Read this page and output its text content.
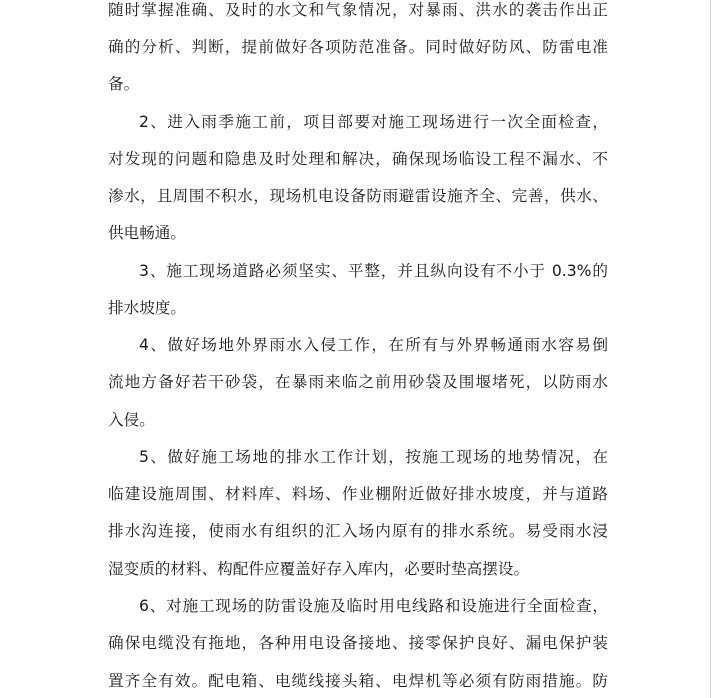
随时掌握准确、及时的水文和气象情况，对暴雨、洪水的袭击作出正
确的分析、判断，提前做好各项防范准备。同时做好防风、防雷电准
备。
2、进入雨季施工前，项目部要对施工现场进行一次全面检查，
对发现的问题和隐患及时处理和解决，确保现场临设工程不漏水、不
渗水，且周围不积水，现场机电设备防雨避雷设施齐全、完善，供水、
供电畅通。
3、施工现场道路必须坚实、平整，并且纵向设有不小于 0.3%的
排水坡度。
4、做好场地外界雨水入侵工作，在所有与外界畅通雨水容易倒
流地方备好若干砂袋，在暴雨来临之前用砂袋及围堰堵死，以防雨水
入侵。
5、做好施工场地的排水工作计划，按施工现场的地势情况，在
临建设施周围、材料库、料场、作业棚附近做好排水坡度，并与道路
排水沟连接，使雨水有组织的汇入场内原有的排水系统。易受雨水浸
湿变质的材料、构配件应覆盖好存入库内，必要时垫高摆设。
6、对施工现场的防雷设施及临时用电线路和设施进行全面检查，
确保电缆没有拖地，各种用电设备接地、接零保护良好、漏电保护装
置齐全有效。配电箱、电缆线接头箱、电焊机等必须有防雨措施。防
